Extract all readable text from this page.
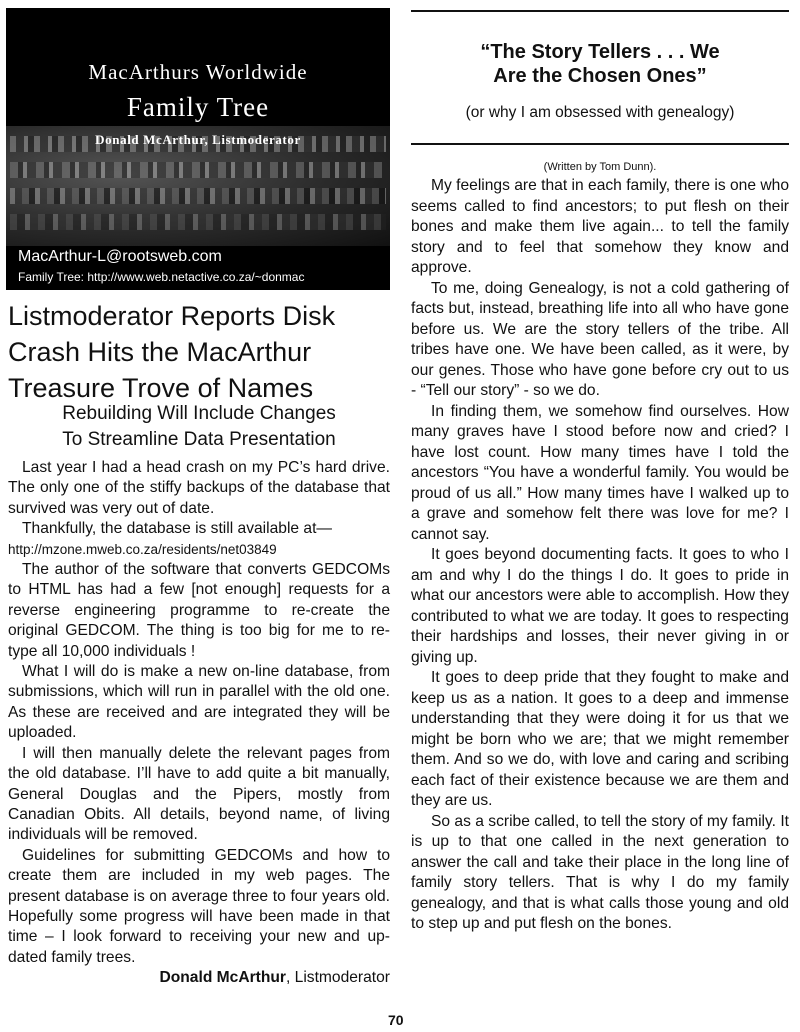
MacArthurs Worldwide
Family Tree
Donald McArthur, Listmoderator
MacArthur-L@rootsweb.com
Family Tree: http://www.web.netactive.co.za/~donmac
Listmoderator Reports Disk Crash Hits the MacArthur Treasure Trove of Names
Rebuilding Will Include Changes
To Streamline Data Presentation

Last year I had a head crash on my PC’s hard drive. The only one of the stiffy backups of the database that survived was very out of date.

Thankfully, the database is still available at—

http://mzone.mweb.co.za/residents/net03849

The author of the software that converts GEDCOMs to HTML has had a few [not enough] requests for a reverse engineering programme to re-create the original GEDCOM. The thing is too big for me to re-type all 10,000 individuals !

What I will do is make a new on-line database, from submissions, which will run in parallel with the old one. As these are received and are integrated they will be uploaded.

I will then manually delete the relevant pages from the old database. I’ll have to add quite a bit manually, General Douglas and the Pipers, mostly from Canadian Obits. All details, beyond name, of living individuals will be removed.

Guidelines for submitting GEDCOMs and how to create them are included in my web pages. The present database is on average three to four years old. Hopefully some progress will have been made in that time – I look forward to receiving your new and up-dated family trees.

Donald McArthur, Listmoderator

“The Story Tellers . . . We
Are the Chosen Ones”
(or why I am obsessed with genealogy)
(Written by Tom Dunn).

My feelings are that in each family, there is one who seems called to find ancestors; to put flesh on their bones and make them live again... to tell the family story and to feel that somehow they know and approve.

To me, doing Genealogy, is not a cold gathering of facts but, instead, breathing life into all who have gone before us. We are the story tellers of the tribe. All tribes have one. We have been called, as it were, by our genes. Those who have gone before cry out to us - “Tell our story” - so we do.

In finding them, we somehow find ourselves. How many graves have I stood before now and cried? I have lost count. How many times have I told the ancestors “You have a wonderful family. You would be proud of us all.” How many times have I walked up to a grave and somehow felt there was love for me? I cannot say.

It goes beyond documenting facts. It goes to who I am and why I do the things I do. It goes to pride in what our ancestors were able to accomplish. How they contributed to what we are today. It goes to respecting their hardships and losses, their never giving in or giving up.

It goes to deep pride that they fought to make and keep us as a nation. It goes to a deep and immense understanding that they were doing it for us that we might be born who we are; that we might remember them. And so we do, with love and caring and scribing each fact of their existence because we are them and they are us.

So as a scribe called, to tell the story of my family. It is up to that one called in the next generation to answer the call and take their place in the long line of family story tellers. That is why I do my family genealogy, and that is what calls those young and old to step up and put flesh on the bones.

70
